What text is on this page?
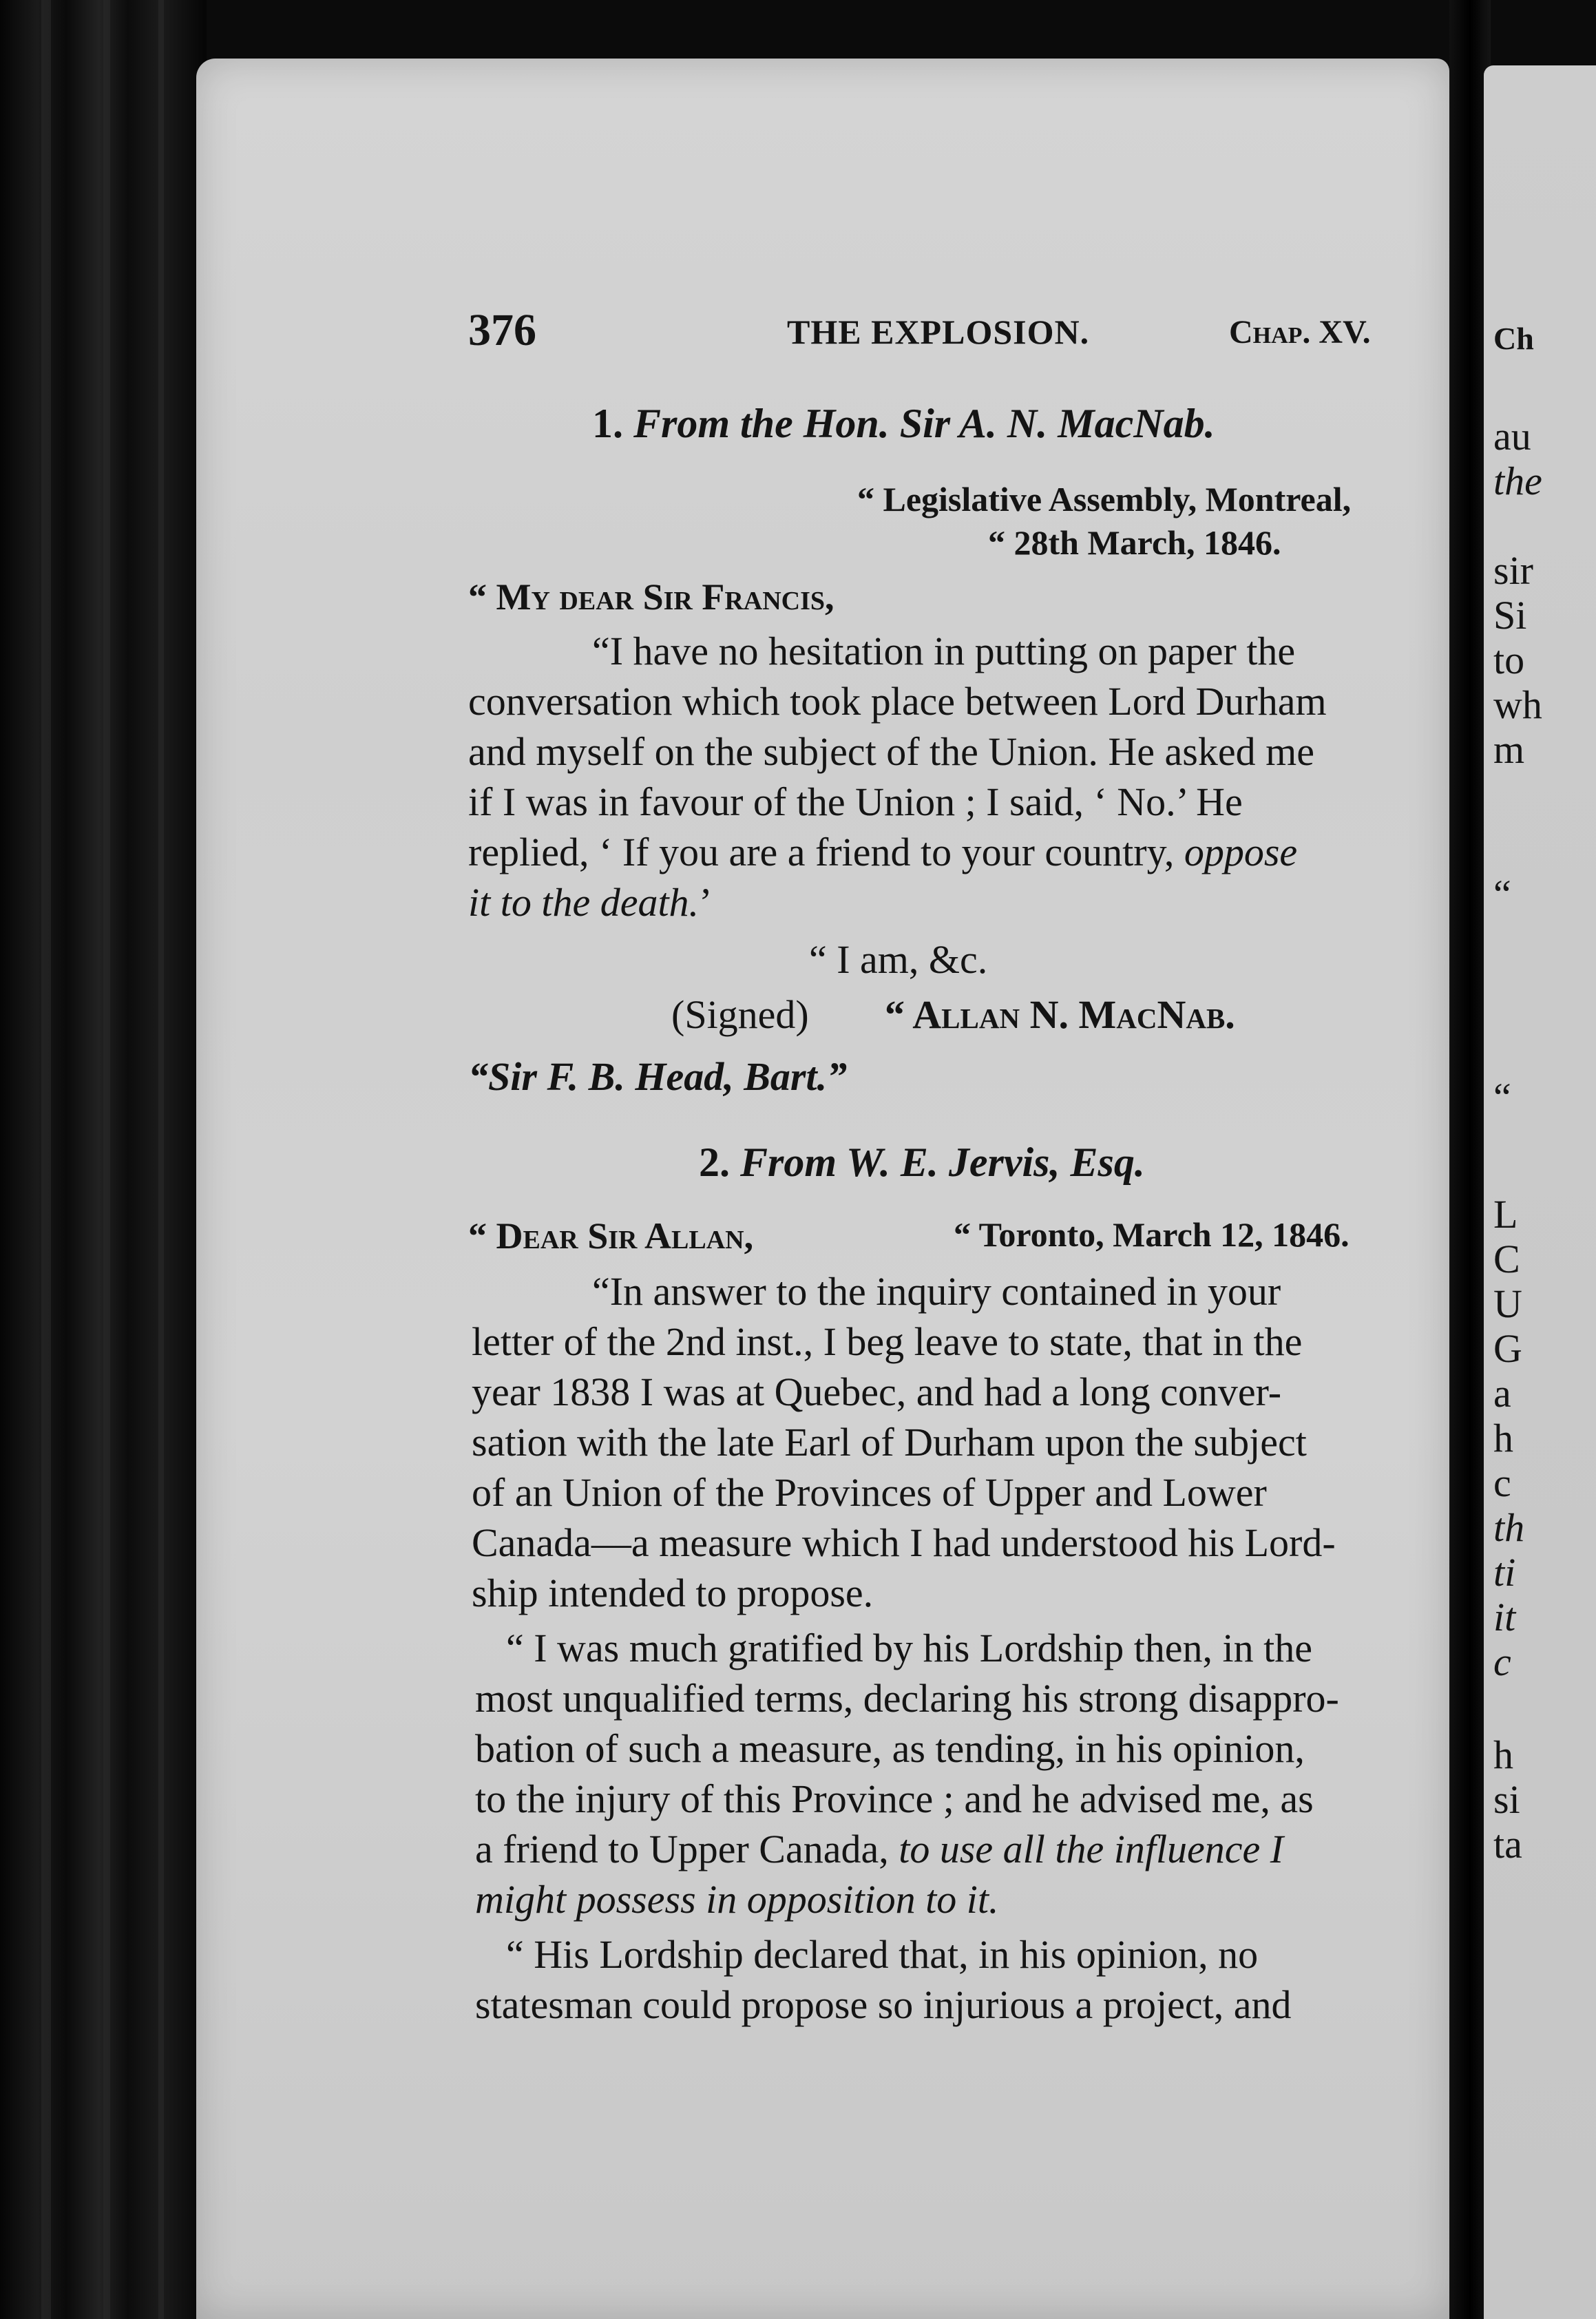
Ch
au
the
sir
Si
to
wh
m
“
“
L
C
U
G
a
h
c
th
ti
it
c
h
si
ta
376	THE EXPLOSION.	Chap. XV.
1. From the Hon. Sir A. N. MacNab.
“ Legislative Assembly, Montreal,
“ 28th March, 1846.
“ My dear Sir Francis,
“I have no hesitation in putting on paper the
conversation which took place between Lord Durham
and myself on the subject of the Union. He asked me
if I was in favour of the Union ; I said, ‘ No.’ He
replied, ‘ If you are a friend to your country, oppose
it to the death.’
“ I am, &c.
(Signed) “ Allan N. MacNab.
“Sir F. B. Head, Bart.”
2. From W. E. Jervis, Esq.
“ Dear Sir Allan,	“ Toronto, March 12, 1846.
“In answer to the inquiry contained in your
letter of the 2nd inst., I beg leave to state, that in the
year 1838 I was at Quebec, and had a long conver-
sation with the late Earl of Durham upon the subject
of an Union of the Provinces of Upper and Lower
Canada—a measure which I had understood his Lord-
ship intended to propose.
“ I was much gratified by his Lordship then, in the
most unqualified terms, declaring his strong disappro-
bation of such a measure, as tending, in his opinion,
to the injury of this Province ; and he advised me, as
a friend to Upper Canada, to use all the influence I
might possess in opposition to it.
“ His Lordship declared that, in his opinion, no
statesman could propose so injurious a project, and
